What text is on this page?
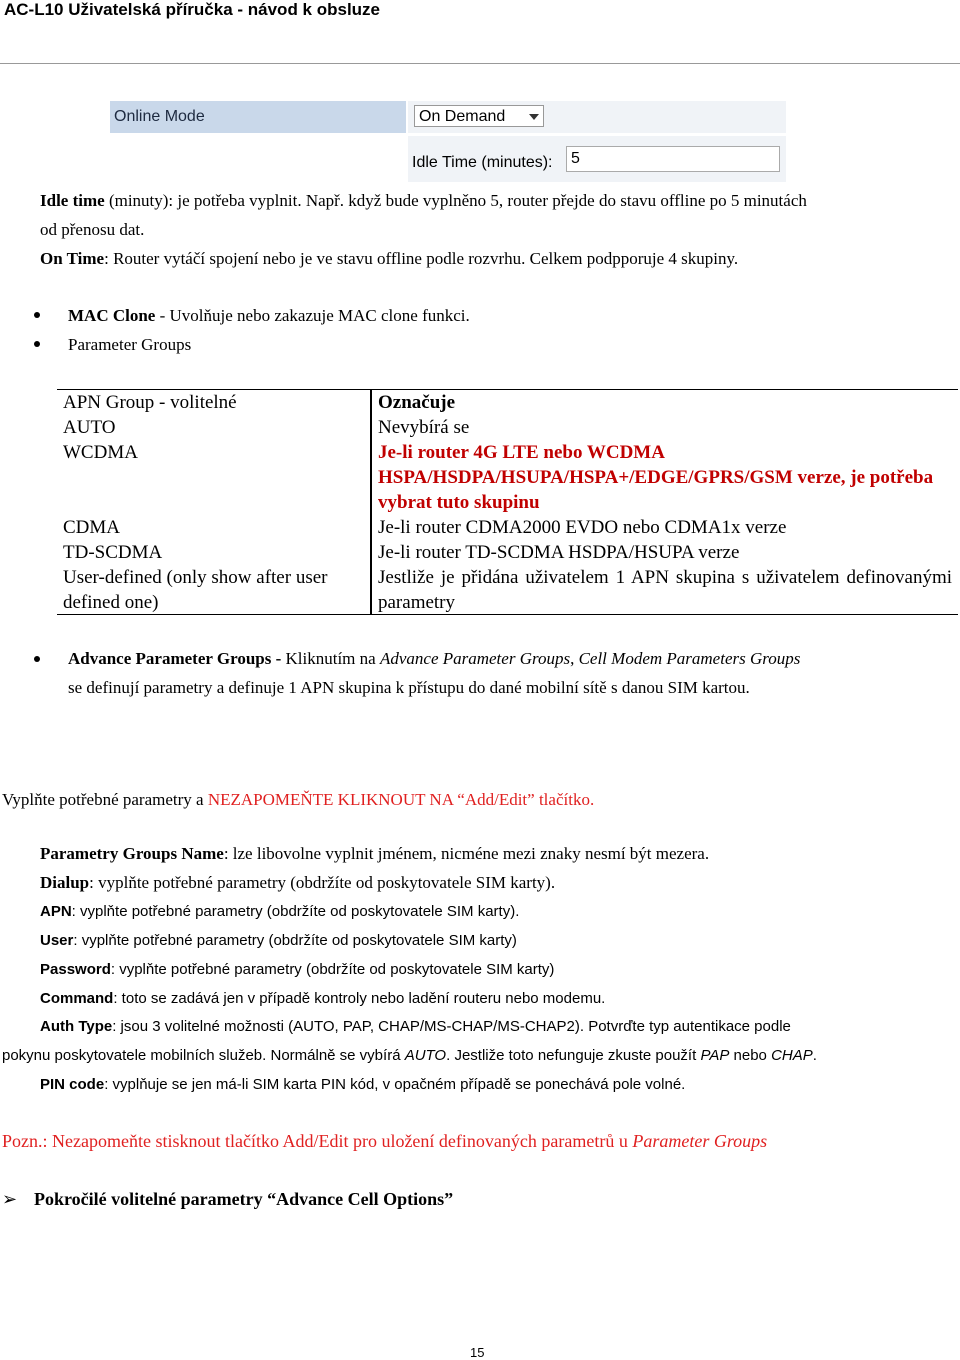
AC-L10 Uživatelská příručka - návod k obsluze
Online Mode	On Demand
Idle Time (minutes):	5
Idle time (minuty): je potřeba vyplnit. Např. když bude vyplněno 5, router přejde do stavu offline po 5 minutách
od přenosu dat.
On Time: Router vytáčí spojení nebo je ve stavu offline podle rozvrhu. Celkem podpporuje 4 skupiny.
MAC Clone - Uvolňuje nebo zakazuje MAC clone funkci.
Parameter Groups
APN Group - volitelné	Označuje
AUTO	Nevybírá se
WCDMA	Je-li router 4G LTE nebo WCDMA HSPA/HSDPA/HSUPA/HSPA+/EDGE/GPRS/GSM verze, je potřeba vybrat tuto skupinu
CDMA	Je-li router CDMA2000 EVDO nebo CDMA1x verze
TD-SCDMA	Je-li router TD-SCDMA HSDPA/HSUPA verze
User-defined (only show after user defined one)	Jestliže je přidána uživatelem 1 APN skupina s uživatelem definovanými parametry
Advance Parameter Groups - Kliknutím na Advance Parameter Groups, Cell Modem Parameters Groups
se definují parametry a definuje 1 APN skupina k přístupu do dané mobilní sítě s danou SIM kartou.
Vyplňte potřebné parametry a NEZAPOMEŇTE KLIKNOUT NA “Add/Edit” tlačítko.
Parametry Groups Name: lze libovolne vyplnit jménem, nicméne mezi znaky nesmí být mezera.
Dialup: vyplňte potřebné parametry (obdržíte od poskytovatele SIM karty).
APN: vyplňte potřebné parametry (obdržíte od poskytovatele SIM karty).
User: vyplňte potřebné parametry (obdržíte od poskytovatele SIM karty)
Password: vyplňte potřebné parametry (obdržíte od poskytovatele SIM karty)
Command: toto se zadává jen v případě kontroly nebo ladění routeru nebo modemu.
Auth Type: jsou 3 volitelné možnosti (AUTO, PAP, CHAP/MS-CHAP/MS-CHAP2). Potvrďte typ autentikace podle
pokynu poskytovatele mobilních služeb. Normálně se vybírá AUTO. Jestliže toto nefunguje zkuste použít PAP nebo CHAP.
PIN code: vyplňuje se jen má-li SIM karta PIN kód, v opačném případě se ponechává pole volné.
Pozn.: Nezapomeňte stisknout tlačítko Add/Edit pro uložení definovaných parametrů u Parameter Groups
➢ Pokročilé volitelné parametry “Advance Cell Options”
15
